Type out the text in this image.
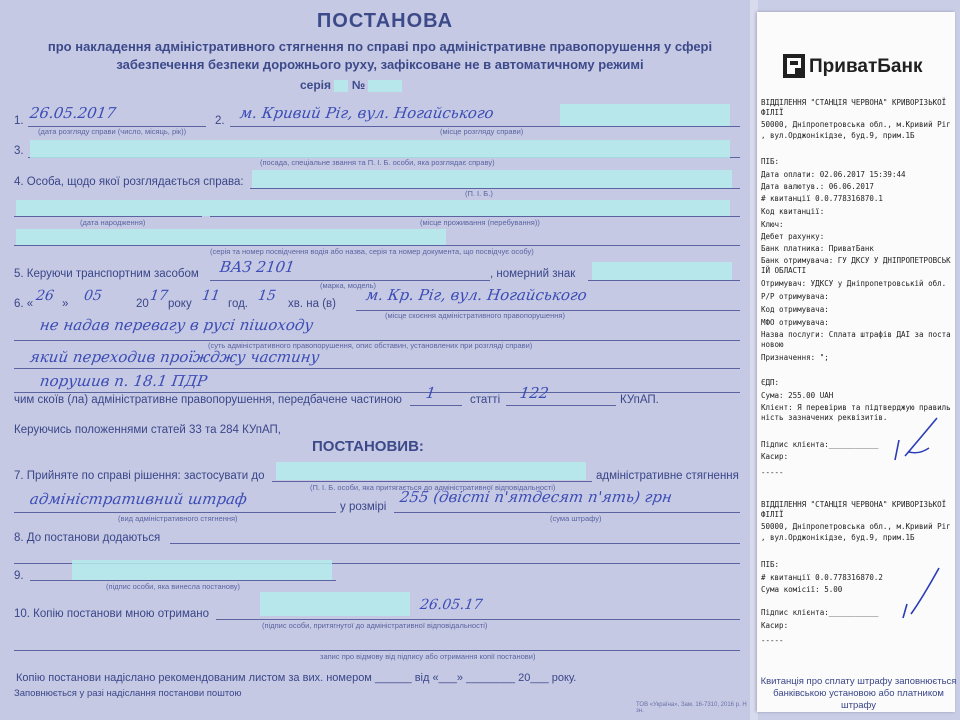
ПОСТАНОВА
про накладення адміністративного стягнення по справі про адміністративне правопорушення у сфері
забезпечення безпеки дорожнього руху, зафіксоване не в автоматичному режимі
серія №
1. 26.05.2017
(дата розгляду справи (число, місяць, рік))
2. м. Кривий Ріг, вул. Ногайського
(місце розгляду справи)
3.
(посада, спеціальне звання та П. І. Б. особи, яка розглядає справу)
4. Особа, щодо якої розглядається справа:
(П. І. Б.)
(дата народження)	(місце проживання (перебування))
(серія та номер посвідчення водія або назва, серія та номер документа, що посвідчує особу)
5. Керуючи транспортним засобом ВАЗ 2101
(марка, модель)
, номерний знак
6. « 26 » 05	20 17 року 11 год. 15 хв. на (в) м. Кр. Ріг, вул. Ногайського
(місце скоєння адміністративного правопорушення)
не надав перевагу в русі пішоходу
(суть адміністративного правопорушення, опис обставин, установлених при розгляді справи)
який переходив проїжджу частину
порушив п. 18.1 ПДР
чим скоїв (ла) адміністративне правопорушення, передбачене частиною 1	статті 122	КУпАП.
Керуючись положеннями статей 33 та 284 КУпАП,
ПОСТАНОВИВ:
7. Прийняте по справі рішення: застосувати до
(П. І. Б. особи, яка притягається до адміністративної відповідальності)
адміністративне стягнення
адміністративний штраф
(вид адміністративного стягнення)
у розмірі
255 (двісті п'ятдесят п'ять) грн
(сума штрафу)
8. До постанови додаються
9.
(підпис особи, яка винесла постанову)
10. Копію постанови мною отримано
26.05.17
(підпис особи, притягнутої до адміністративної відповідальності)
запис про відмову від підпису або отримання копії постанови)
Копію постанови надіслано рекомендованим листом за вих. номером ______ від «___» ________ 20___ року.
Заповнюється у разі надіслання постанови поштою
ТОВ «Україна», Зам. 16-7310, 2016 р. Н зн.
ПриватБанк
ВІДДІЛЕННЯ "СТАНЦІЯ ЧЕРВОНА" КРИВОРІЗЬКОЇ
ФІЛІЇ
50000, Дніпропетровська обл., м.Кривий Ріг
, вул.Орджонікідзе, буд.9, прим.1Б
ПІБ:
Дата оплати: 02.06.2017 15:39:44
Дата валютув.: 06.06.2017
# квитанції 0.0.778316870.1
Код квитанції:
Ключ:
Дебет рахунку:
Банк платника: ПриватБанк
Банк отримувача: ГУ ДКСУ У ДНІПРОПЕТРОВСЬК
ІЙ ОБЛАСТІ
Отримувач: УДКСУ у Дніпропетровській обл.
Р/Р отримувача:
Код отримувача:
МФО отримувача:
Назва послуги: Сплата штрафів ДАІ за поста
новою
Призначення: ";
ЄДП:
Сума: 255.00 UAH
Клієнт: Я перевірив та підтверджую правиль
ність зазначених реквізитів.
Підпис клієнта:___________
Касир:
-----
ВІДДІЛЕННЯ "СТАНЦІЯ ЧЕРВОНА" КРИВОРІЗЬКОЇ
ФІЛІЇ
50000, Дніпропетровська обл., м.Кривий Ріг
, вул.Орджонікідзе, буд.9, прим.1Б
ПІБ:
# квитанції 0.0.778316870.2
Сума комісії: 5.00
Підпис клієнта:___________
Касир:
-----
Квитанція про сплату штрафу заповнюється банківською установою або платником штрафу
